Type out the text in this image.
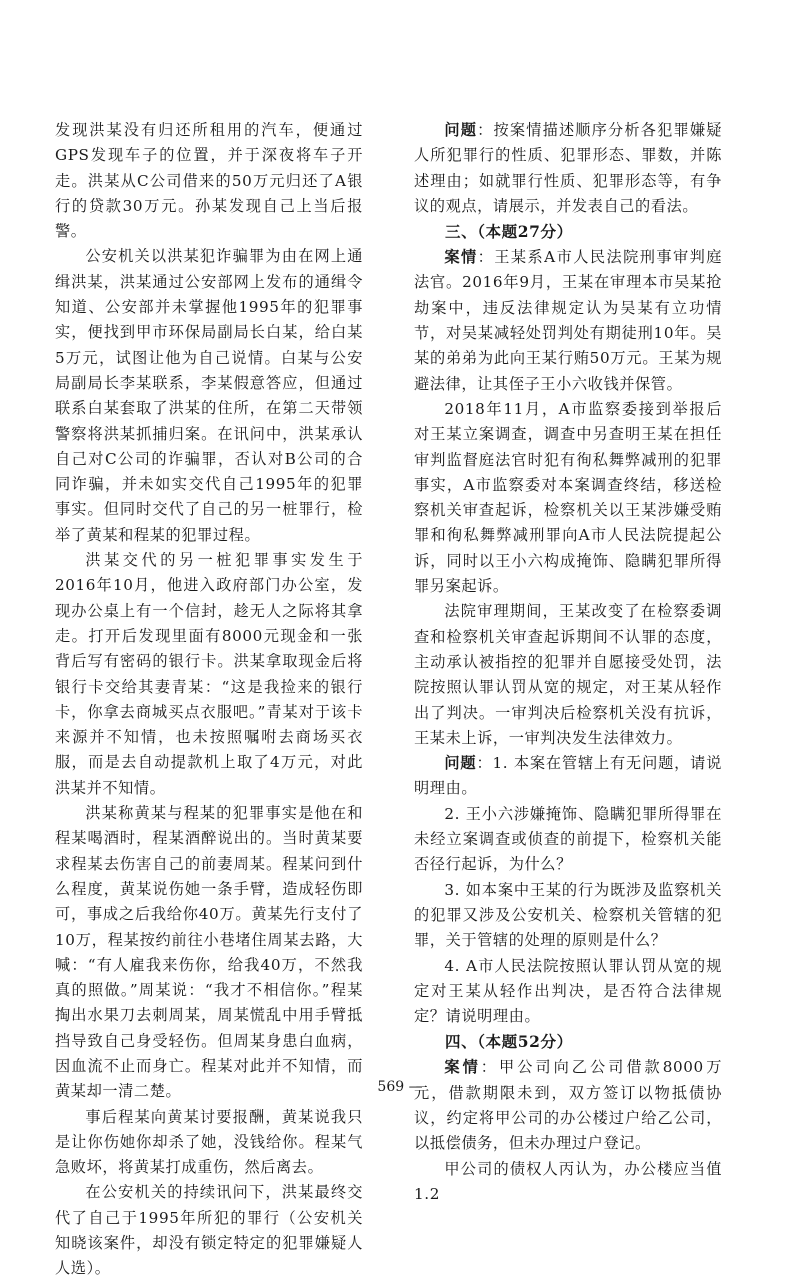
发现洪某没有归还所租用的汽车，便通过GPS发现车子的位置，并于深夜将车子开走。洪某从C公司借来的50万元归还了A银行的贷款30万元。孙某发现自己上当后报警。

公安机关以洪某犯诈骗罪为由在网上通缉洪某，洪某通过公安部网上发布的通缉令知道、公安部并未掌握他1995年的犯罪事实，便找到甲市环保局副局长白某，给白某5万元，试图让他为自己说情。白某与公安局副局长李某联系，李某假意答应，但通过联系白某套取了洪某的住所，在第二天带领警察将洪某抓捕归案。在讯问中，洪某承认自己对C公司的诈骗罪，否认对B公司的合同诈骗，并未如实交代自己1995年的犯罪事实。但同时交代了自己的另一桩罪行，检举了黄某和程某的犯罪过程。

洪某交代的另一桩犯罪事实发生于2016年10月，他进入政府部门办公室，发现办公桌上有一个信封，趁无人之际将其拿走。打开后发现里面有8000元现金和一张背后写有密码的银行卡。洪某拿取现金后将银行卡交给其妻青某：“这是我捡来的银行卡，你拿去商城买点衣服吧。”青某对于该卡来源并不知情，也未按照嘱咐去商场买衣服，而是去自动提款机上取了4万元，对此洪某并不知情。

洪某称黄某与程某的犯罪事实是他在和程某喝酒时，程某酒醉说出的。当时黄某要求程某去伤害自己的前妻周某。程某问到什么程度，黄某说伤她一条手臂，造成轻伤即可，事成之后我给你40万。黄某先行支付了10万，程某按约前往小巷堵住周某去路，大喊：“有人雇我来伤你，给我40万，不然我真的照做。”周某说：“我才不相信你。”程某掏出水果刀去刺周某，周某慌乱中用手臂抵挡导致自己身受轻伤。但周某身患白血病，因血流不止而身亡。程某对此并不知情，而黄某却一清二楚。

事后程某向黄某讨要报酬，黄某说我只是让你伤她你却杀了她，没钱给你。程某气急败坏，将黄某打成重伤，然后离去。

在公安机关的持续讯问下，洪某最终交代了自己于1995年所犯的罪行（公安机关知晓该案件，却没有锁定特定的犯罪嫌疑人人选）。

问题：按案情描述顺序分析各犯罪嫌疑人所犯罪行的性质、犯罪形态、罪数，并陈述理由；如就罪行性质、犯罪形态等，有争议的观点，请展示，并发表自己的看法。

三、（本题27分）

案情：王某系A市人民法院刑事审判庭法官。2016年9月，王某在审理本市吴某抢劫案中，违反法律规定认为吴某有立功情节，对吴某减轻处罚判处有期徒刑10年。吴某的弟弟为此向王某行贿50万元。王某为规避法律，让其侄子王小六收钱并保管。

2018年11月，A市监察委接到举报后对王某立案调查，调查中另查明王某在担任审判监督庭法官时犯有徇私舞弊减刑的犯罪事实，A市监察委对本案调查终结，移送检察机关审查起诉，检察机关以王某涉嫌受贿罪和徇私舞弊减刑罪向A市人民法院提起公诉，同时以王小六构成掩饰、隐瞒犯罪所得罪另案起诉。

法院审理期间，王某改变了在检察委调查和检察机关审查起诉期间不认罪的态度，主动承认被指控的犯罪并自愿接受处罚，法院按照认罪认罚从宽的规定，对王某从轻作出了判决。一审判决后检察机关没有抗诉，王某未上诉，一审判决发生法律效力。

问题：1. 本案在管辖上有无问题，请说明理由。

2. 王小六涉嫌掩饰、隐瞒犯罪所得罪在未经立案调查或侦查的前提下，检察机关能否径行起诉，为什么？

3. 如本案中王某的行为既涉及监察机关的犯罪又涉及公安机关、检察机关管辖的犯罪，关于管辖的处理的原则是什么？

4. A市人民法院按照认罪认罚从宽的规定对王某从轻作出判决，是否符合法律规定？请说明理由。

四、（本题52分）

案情：甲公司向乙公司借款8000万元，借款期限未到，双方签订以物抵债协议，约定将甲公司的办公楼过户给乙公司，以抵偿债务，但未办理过户登记。

甲公司的债权人丙认为，办公楼应当值1.2

569 —
